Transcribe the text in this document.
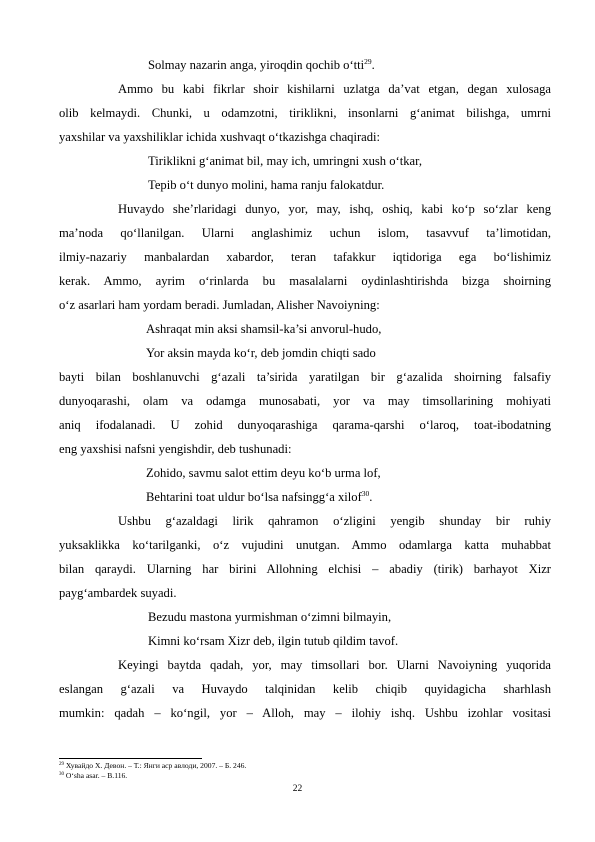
Solmay nazarin anga, yiroqdin qochib o‘tti$^{29}$.
Ammo bu kabi fikrlar shoir kishilarni uzlatga da’vat etgan, degan xulosaga
olib kelmaydi. Chunki, u odamzotni, tiriklikni, insonlarni g‘animat bilishga, umrni
yaxshilar va yaxshiliklar ichida xushvaqt o‘tkazishga chaqiradi:
Tiriklikni g‘animat bil, may ich, umringni xush o‘tkar,
Tepib o‘t dunyo molini, hama ranju falokatdur.
Huvaydo she’rlaridagi dunyo, yor, may, ishq, oshiq, kabi ko‘p so‘zlar keng
ma’noda qo‘llanilgan. Ularni anglashimiz uchun islom, tasavvuf ta’limotidan,
ilmiy-nazariy manbalardan xabardor, teran tafakkur iqtidoriga ega bo‘lishimiz
kerak. Ammo, ayrim o‘rinlarda bu masalalarni oydinlashtirishda bizga shoirning
o‘z asarlari ham yordam beradi. Jumladan, Alisher Navoiyning:
Ashraqat min aksi shamsil-ka’si anvorul-hudo,
Yor aksin mayda ko‘r, deb jomdin chiqti sado
bayti bilan boshlanuvchi g‘azali ta’sirida yaratilgan bir g‘azalida shoirning falsafiy
dunyoqarashi, olam va odamga munosabati, yor va may timsollarining mohiyati
aniq ifodalanadi. U zohid dunyoqarashiga qarama-qarshi o‘laroq, toat-ibodatning
eng yaxshisi nafsni yengishdir, deb tushunadi:
Zohido, savmu salot ettim deyu ko‘b urma lof,
Behtarini toat uldur bo‘lsa nafsingg‘a xilof$^{30}$.
Ushbu g‘azaldagi lirik qahramon o‘zligini yengib shunday bir ruhiy
yuksaklikka ko‘tarilganki, o‘z vujudini unutgan. Ammo odamlarga katta muhabbat
bilan qaraydi. Ularning har birini Allohning elchisi – abadiy (tirik) barhayot Xizr
payg‘ambardek suyadi.
Bezudu mastona yurmishman o‘zimni bilmayin,
Kimni ko‘rsam Xizr deb, ilgin tutub qildim tavof.
Keyingi baytda qadah, yor, may timsollari bor. Ularni Navoiyning yuqorida
eslangan g‘azali va Huvaydo talqinidan kelib chiqib quyidagicha sharhlash
mumkin: qadah – ko‘ngil, yor – Alloh, may – ilohiy ishq. Ushbu izohlar vositasi
$^{29}$ Хувайдо Х. Девон. – Т.: Янги аср авлоди, 2007. – Б. 246.
$^{30}$ O‘sha asar. – B.116.
22
